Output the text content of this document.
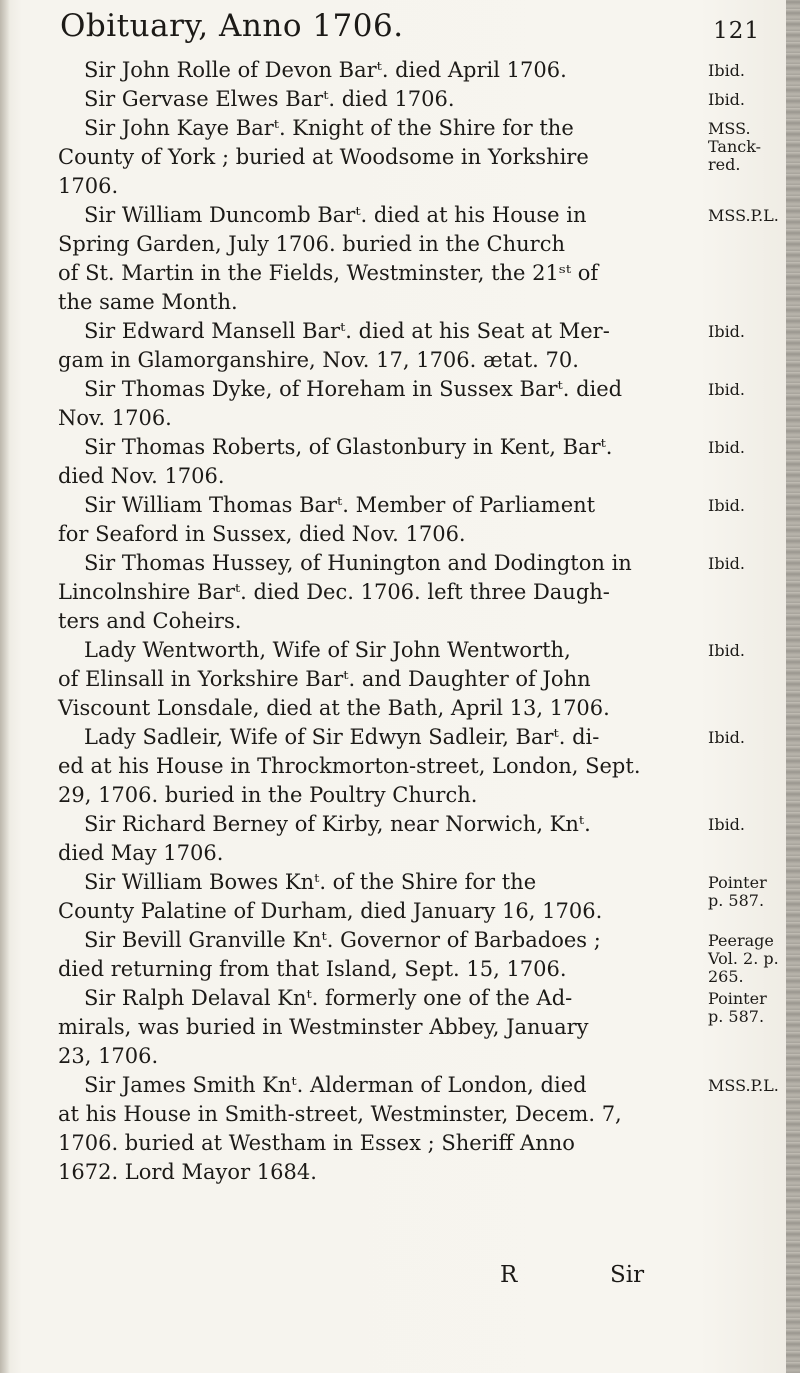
Obituary, Anno 1706.	121
Sir John Rolle of Devon Barᵗ. died April 1706.
Sir Gervase Elwes Barᵗ. died 1706.
Sir John Kaye Barᵗ. Knight of the Shire for the
County of York ; buried at Woodsome in Yorkshire
1706.
Sir William Duncomb Barᵗ. died at his House in
Spring Garden, July 1706. buried in the Church
of St. Martin in the Fields, Westminster, the 21ˢᵗ of
the same Month.
Sir Edward Mansell Barᵗ. died at his Seat at Mer-
gam in Glamorganshire, Nov. 17, 1706. ætat. 70.
Sir Thomas Dyke, of Horeham in Sussex Barᵗ. died
Nov. 1706.
Sir Thomas Roberts, of Glastonbury in Kent, Barᵗ.
died Nov. 1706.
Sir William Thomas Barᵗ. Member of Parliament
for Seaford in Sussex, died Nov. 1706.
Sir Thomas Hussey, of Hunington and Dodington in
Lincolnshire Barᵗ. died Dec. 1706. left three Daugh-
ters and Coheirs.
Lady Wentworth, Wife of Sir John Wentworth,
of Elinsall in Yorkshire Barᵗ. and Daughter of John
Viscount Lonsdale, died at the Bath, April 13, 1706.
Lady Sadleir, Wife of Sir Edwyn Sadleir, Barᵗ. di-
ed at his House in Throckmorton-street, London, Sept.
29, 1706. buried in the Poultry Church.
Sir Richard Berney of Kirby, near Norwich, Knᵗ.
died May 1706.
Sir William Bowes Knᵗ. of the Shire for the
County Palatine of Durham, died January 16, 1706.
Sir Bevill Granville Knᵗ. Governor of Barbadoes ;
died returning from that Island, Sept. 15, 1706.
Sir Ralph Delaval Knᵗ. formerly one of the Ad-
mirals, was buried in Westminster Abbey, January
23, 1706.
Sir James Smith Knᵗ. Alderman of London, died
at his House in Smith-street, Westminster, Decem. 7,
1706. buried at Westham in Essex ; Sheriff Anno
1672. Lord Mayor 1684.
Ibid.
Ibid.
MSS.
Tanck-
red.
MSS.P.L.
Ibid.
Ibid.
Ibid.
Ibid.
Ibid.
Ibid.
Ibid.
Ibid.
Pointer
p. 587.
Peerage
Vol. 2. p.
265.
Pointer
p. 587.
MSS.P.L.
R	Sir
